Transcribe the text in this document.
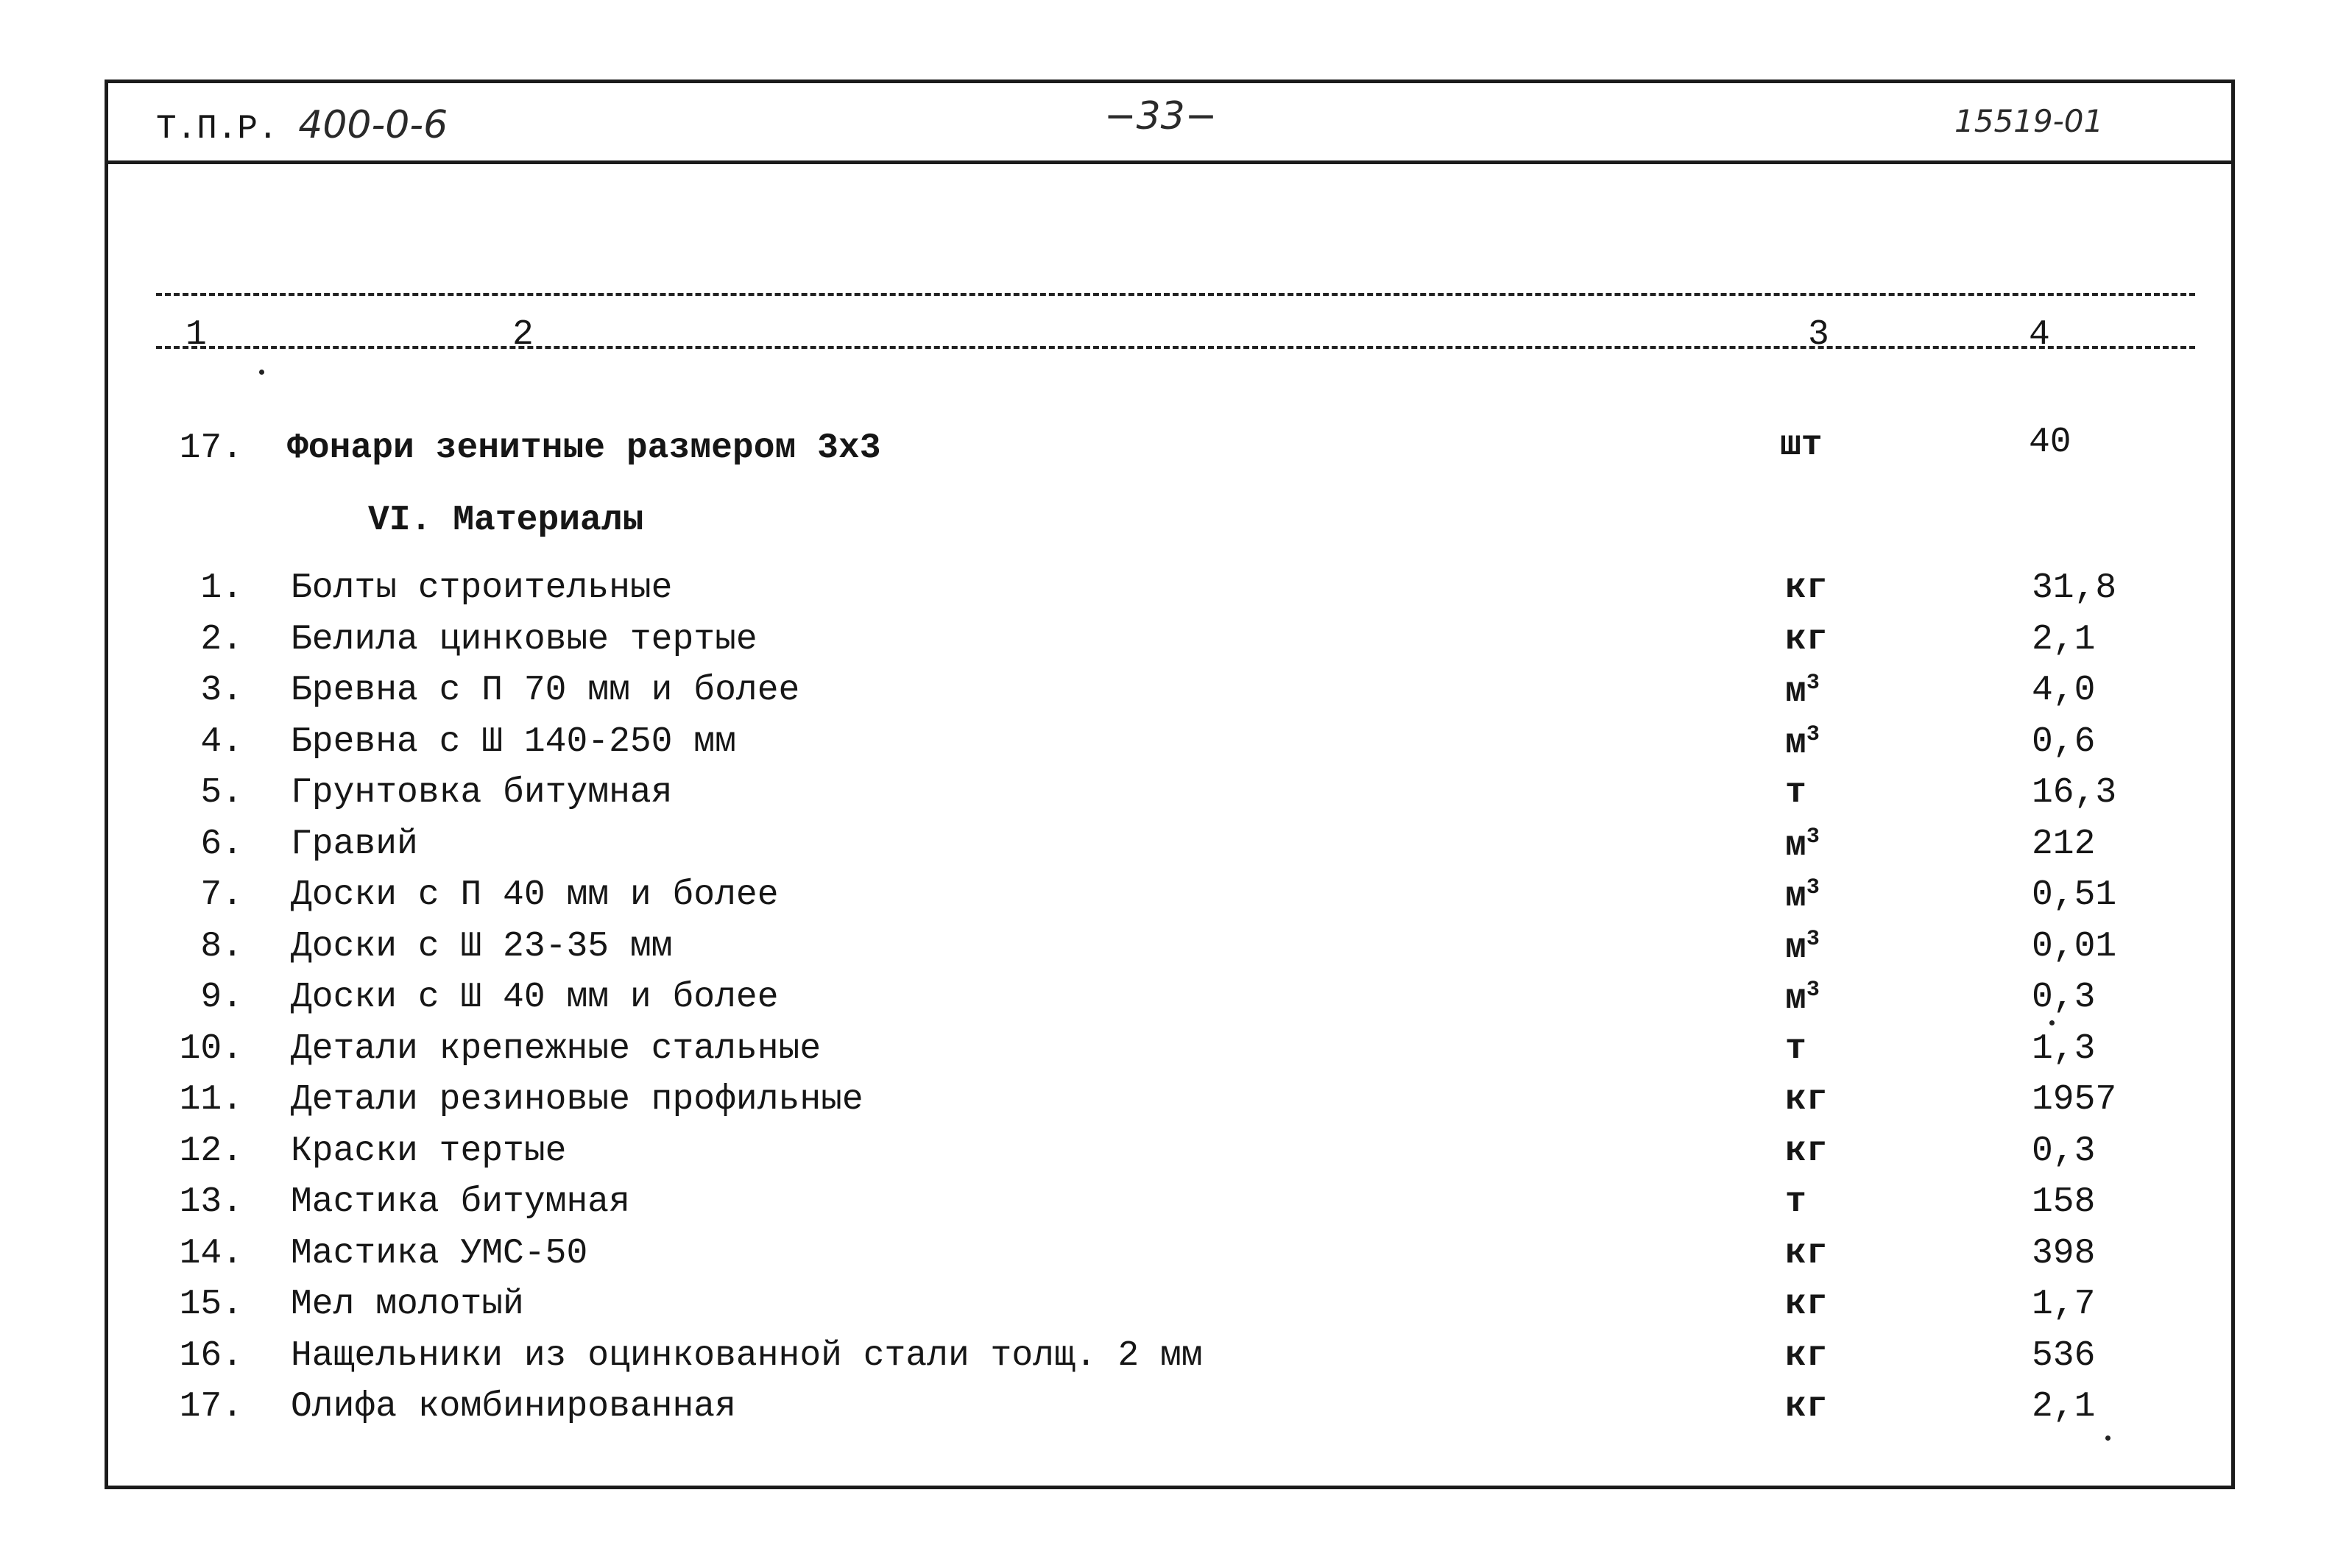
Т.П.Р. 400-0-6	−33−	15519-01
1	2	3	4
17. Фонари зенитные размером 3х3	шт	40
VI. Материалы
1. Болты строительные	кг	31,8
2. Белила цинковые тертые	кг	2,1
3. Бревна с П 70 мм и более	$м^3$	4,0
4. Бревна с Ш 140-250 мм	$м^3$	0,6
5. Грунтовка битумная	т	16,3
6. Гравий	$м^3$	212
7. Доски с П 40 мм и более	$м^3$	0,51
8. Доски с Ш 23-35 мм	$м^3$	0,01
9. Доски с Ш 40 мм и более	$м^3$	0,3
10. Детали крепежные стальные	т	1,3
11. Детали резиновые профильные	кг	1957
12. Краски тертые	кг	0,3
13. Мастика битумная	т	158
14. Мастика УМС-50	кг	398
15. Мел молотый	кг	1,7
16. Нащельники из оцинкованной стали толщ. 2 мм	кг	536
17. Олифа комбинированная	кг	2,1
